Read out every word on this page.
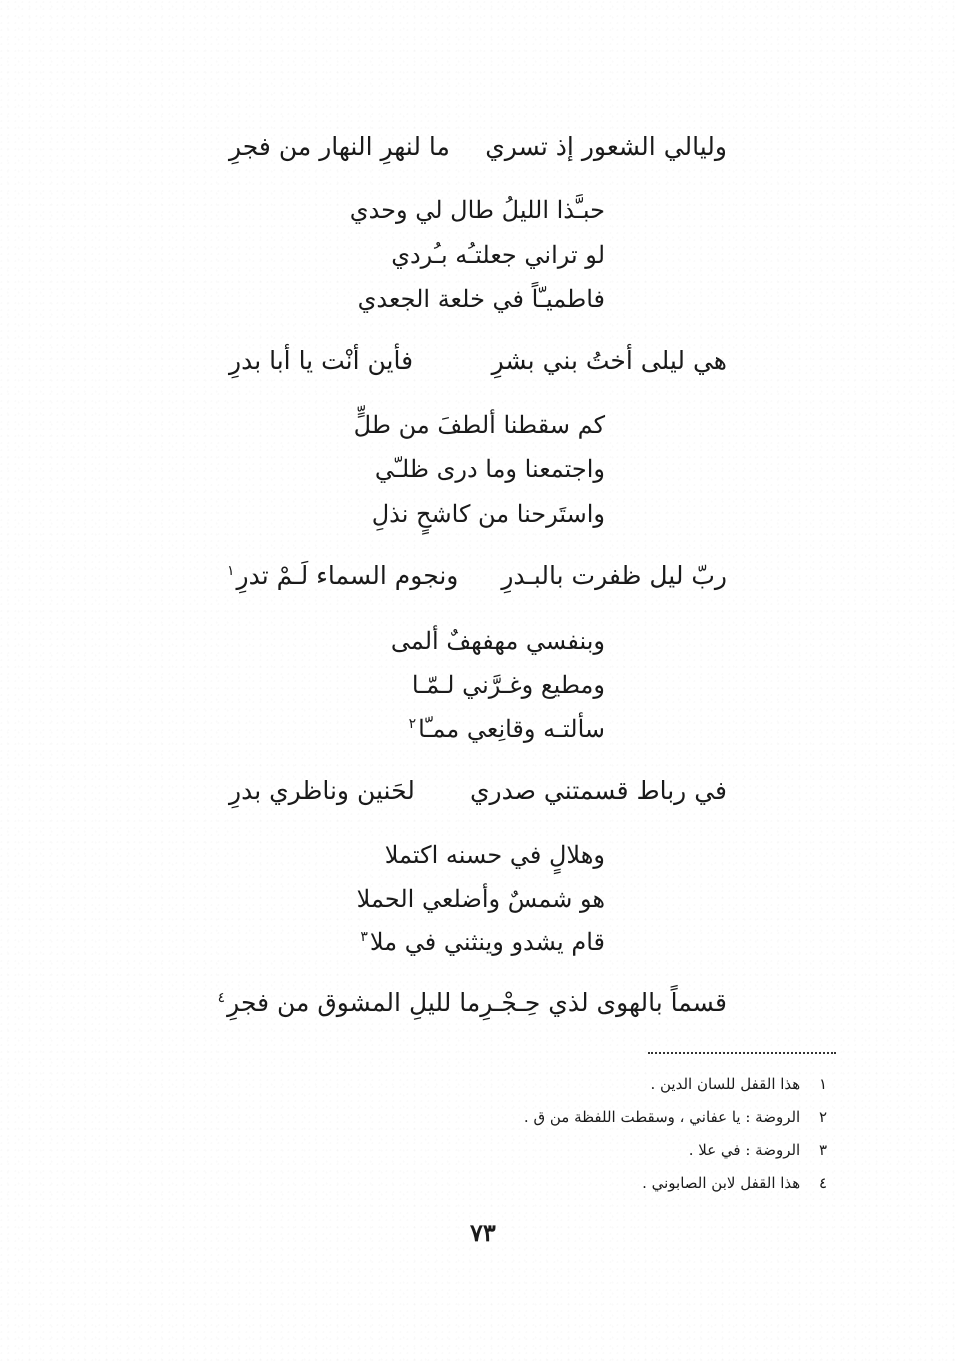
وليالي الشعور إذ تسري
ما لنهرِ النهار من فجرِ
حبـَّذا الليلُ طال لي وحدي
لو تراني جعلتـُه بـُردي
فاطميـّاً في خلعة الجعدي
هي ليلى أختُ بني بشرِ
فأين أنْت يا أبا بدرِ
كم سقطنا ألطفَ من طلٍّ
واجتمعنا وما درى ظلـّي
واستَرحنا من كاشحٍ نذلِ
ربّ ليل ظفرت بالبـدرِ
ونجوم السماء لَـمْ تدرِ$^١$
وبنفسي مهفهفٌ ألمى
ومطيع وغـرَّني لـمّـا
سألتـه وقانِعي ممـّا$^٢$
في رباط قسمتني صدري
لحَنين وناظري بدرِ
وهلالٍ في حسنه اكتملا
هو شمسٌ وأضلعي الحملا
قام يشدو وينثني في ملا$^٣$
قسماً بالهوى لذي حِـجْـرِ
ما لليلِ المشوق من فجرِ$^٤$
١ هذا القفل للسان الدين .
٢ الروضة : يا عفاني ، وسقطت اللفظة من ق .
٣ الروضة : في علا .
٤ هذا القفل لابن الصابوني .
٧٣
